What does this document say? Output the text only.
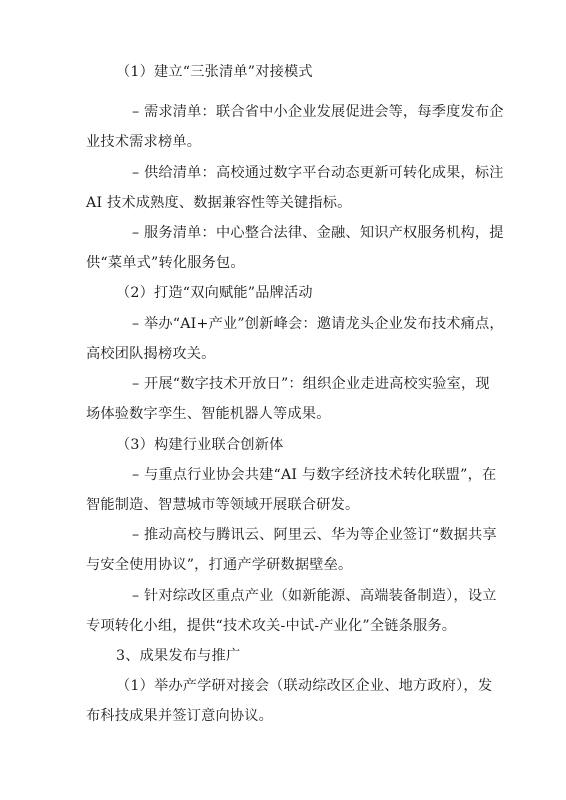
（1）建立“三张清单”对接模式
– 需求清单：联合省中小企业发展促进会等，每季度发布企
业技术需求榜单。
– 供给清单：高校通过数字平台动态更新可转化成果，标注
AI 技术成熟度、数据兼容性等关键指标。
– 服务清单：中心整合法律、金融、知识产权服务机构，提
供“菜单式”转化服务包。
（2）打造“双向赋能”品牌活动
– 举办“AI+产业”创新峰会：邀请龙头企业发布技术痛点，
高校团队揭榜攻关。
– 开展“数字技术开放日”：组织企业走进高校实验室，现
场体验数字孪生、智能机器人等成果。
（3）构建行业联合创新体
– 与重点行业协会共建“AI 与数字经济技术转化联盟”，在
智能制造、智慧城市等领域开展联合研发。
– 推动高校与腾讯云、阿里云、华为等企业签订“数据共享
与安全使用协议”，打通产学研数据壁垒。
– 针对综改区重点产业（如新能源、高端装备制造），设立
专项转化小组，提供“技术攻关-中试-产业化”全链条服务。
3、成果发布与推广
（1）举办产学研对接会（联动综改区企业、地方政府），发
布科技成果并签订意向协议。
